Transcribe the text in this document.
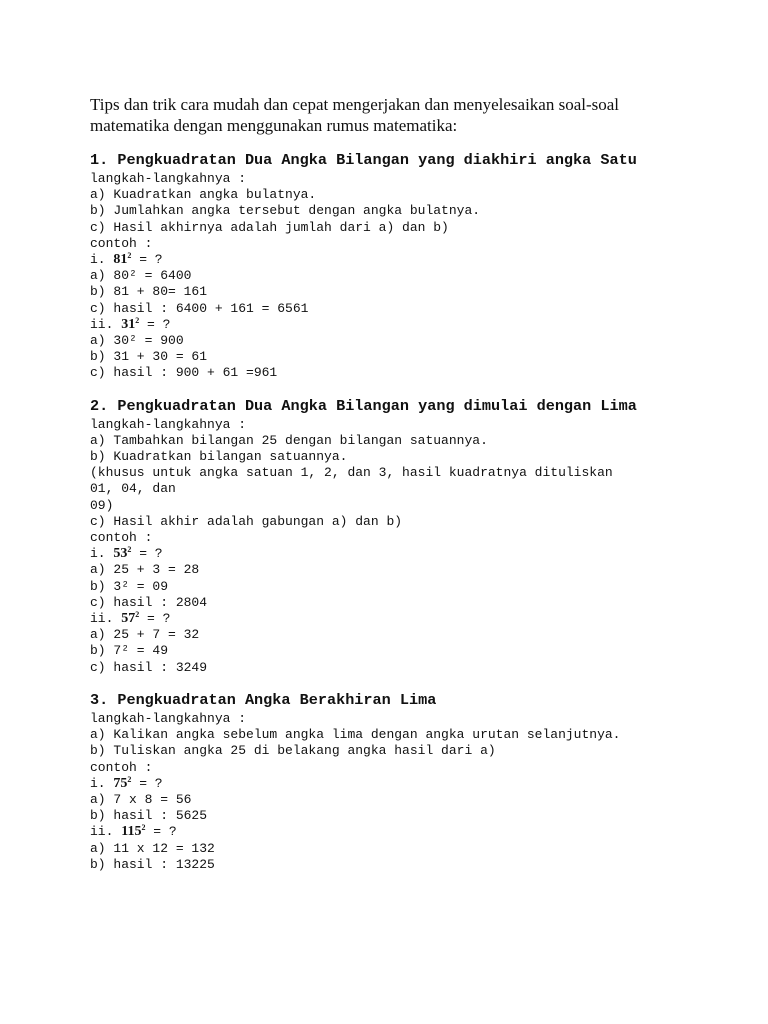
Tips dan trik cara mudah dan cepat mengerjakan dan menyelesaikan soal-soal matematika dengan menggunakan rumus matematika:

1. Pengkuadratan Dua Angka Bilangan yang diakhiri angka Satu
langkah-langkahnya :
a) Kuadratkan angka bulatnya.
b) Jumlahkan angka tersebut dengan angka bulatnya.
c) Hasil akhirnya adalah jumlah dari a) dan b)
contoh :
i. $81^2$ = ?
a) 80² = 6400
b) 81 + 80= 161
c) hasil : 6400 + 161 = 6561
ii. $31^2$ = ?
a) 30² = 900
b) 31 + 30 = 61
c) hasil : 900 + 61 =961
2. Pengkuadratan Dua Angka Bilangan yang dimulai dengan Lima
langkah-langkahnya :
a) Tambahkan bilangan 25 dengan bilangan satuannya.
b) Kuadratkan bilangan satuannya.
(khusus untuk angka satuan 1, 2, dan 3, hasil kuadratnya dituliskan
01, 04, dan
09)
c) Hasil akhir adalah gabungan a) dan b)
contoh :
i. $53^2$ = ?
a) 25 + 3 = 28
b) 3² = 09
c) hasil : 2804
ii. $57^2$ = ?
a) 25 + 7 = 32
b) 7² = 49
c) hasil : 3249
3. Pengkuadratan Angka Berakhiran Lima
langkah-langkahnya :
a) Kalikan angka sebelum angka lima dengan angka urutan selanjutnya.
b) Tuliskan angka 25 di belakang angka hasil dari a)
contoh :
i. $75^2$ = ?
a) 7 x 8 = 56
b) hasil : 5625
ii. $115^2$ = ?
a) 11 x 12 = 132
b) hasil : 13225
